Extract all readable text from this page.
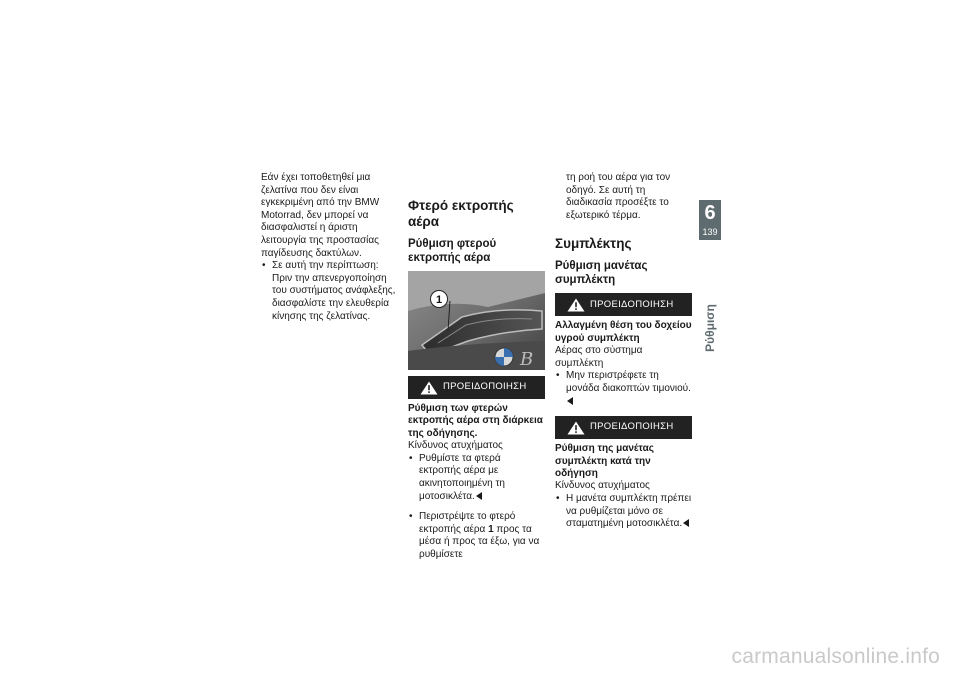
Εάν έχει τοποθετηθεί μια ζελατίνα που δεν είναι εγκεκριμένη από την BMW Motorrad, δεν μπορεί να διασφαλιστεί η άριστη λειτουργία της προστασίας παγίδευσης δακτύλων.

• Σε αυτή την περίπτωση: Πριν την απενεργοποίηση του συστήματος ανάφλεξης, διασφαλίστε την ελευθερία κίνησης της ζελατίνας.
Φτερό εκτροπής αέρα
Ρύθμιση φτερού εκτροπής αέρα
B
1
ΠΡΟΕΙΔΟΠΟΙΗΣΗ
Ρύθμιση των φτερών εκτροπής αέρα στη διάρκεια της οδήγησης.

Κίνδυνος ατυχήματος

• Ρυθμίστε τα φτερά εκτροπής αέρα με ακινητοποιημένη τη μοτοσικλέτα.
• Περιστρέψτε το φτερό εκτροπής αέρα 1 προς τα μέσα ή προς τα έξω, για να ρυθμίσετε

τη ροή του αέρα για τον οδηγό. Σε αυτή τη διαδικασία προσέξτε το εξωτερικό τέρμα.

Συμπλέκτης
Ρύθμιση μανέτας συμπλέκτη
ΠΡΟΕΙΔΟΠΟΙΗΣΗ
Αλλαγμένη θέση του δοχείου υγρού συμπλέκτη

Αέρας στο σύστημα συμπλέκτη

• Μην περιστρέφετε τη μονάδα διακοπτών τιμονιού.
ΠΡΟΕΙΔΟΠΟΙΗΣΗ
Ρύθμιση της μανέτας συμπλέκτη κατά την οδήγηση

Κίνδυνος ατυχήματος

• Η μανέτα συμπλέκτη πρέπει να ρυθμίζεται μόνο σε σταματημένη μοτοσικλέτα.
6
139
Ρύθμιση
carmanualsonline.info
